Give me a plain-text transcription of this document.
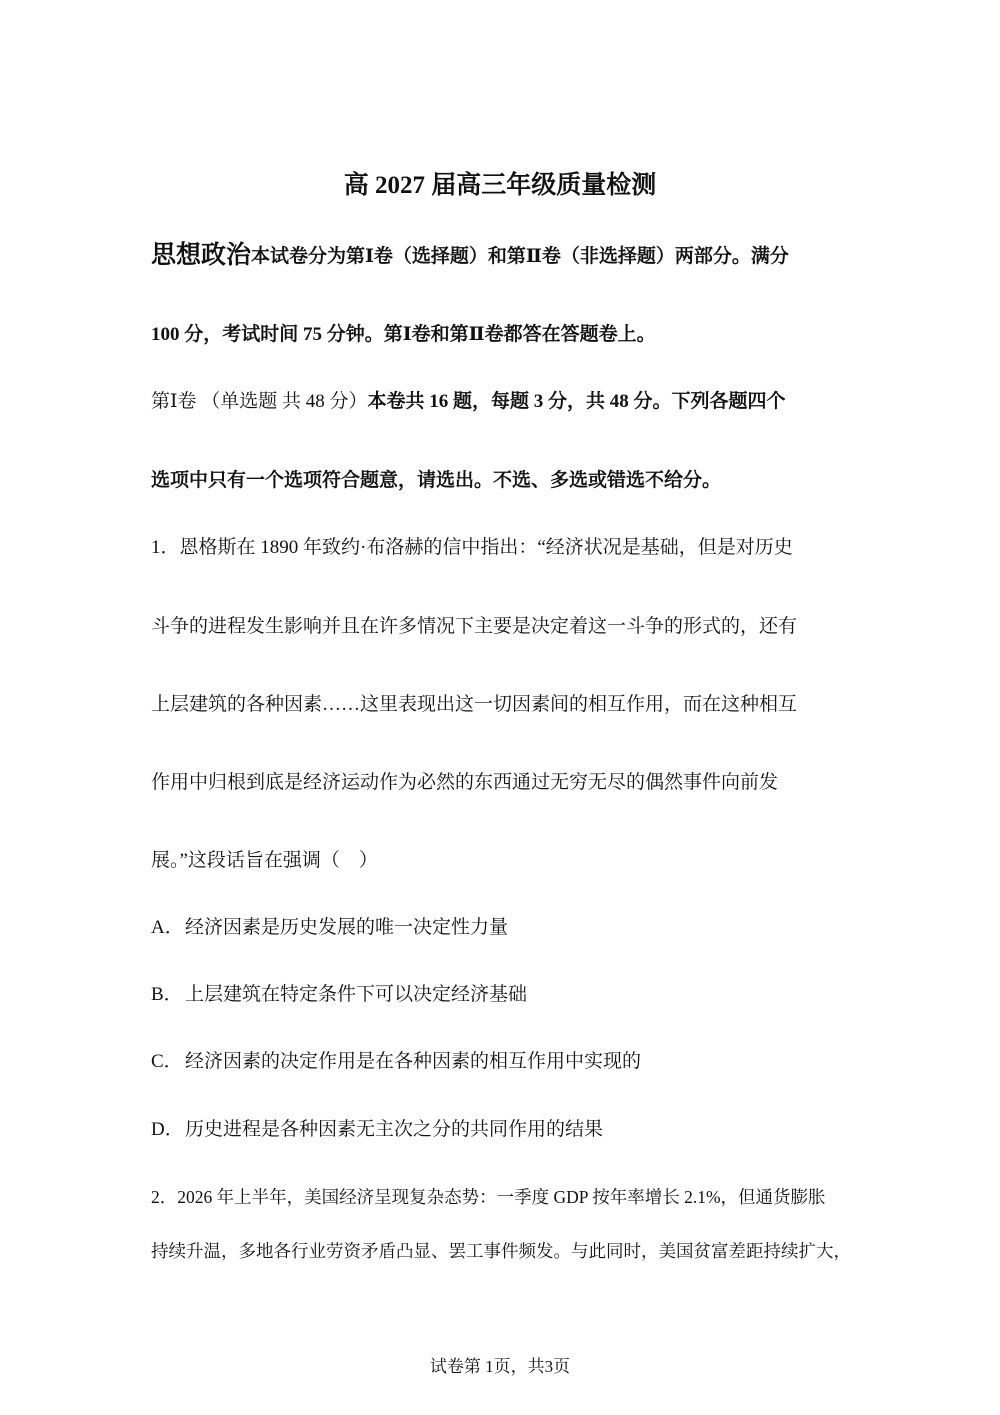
高 2027 届高三年级质量检测
思想政治本试卷分为第Ⅰ卷（选择题）和第Ⅱ卷（非选择题）两部分。满分
100 分，考试时间 75 分钟。第Ⅰ卷和第Ⅱ卷都答在答题卷上。
第Ⅰ卷 （单选题 共 48 分）本卷共 16 题，每题 3 分，共 48 分。下列各题四个
选项中只有一个选项符合题意，请选出。不选、多选或错选不给分。
1．恩格斯在 1890 年致约·布洛赫的信中指出：“经济状况是基础，但是对历史
斗争的进程发生影响并且在许多情况下主要是决定着这一斗争的形式的，还有
上层建筑的各种因素……这里表现出这一切因素间的相互作用，而在这种相互
作用中归根到底是经济运动作为必然的东西通过无穷无尽的偶然事件向前发
展。”这段话旨在强调（　）
A．经济因素是历史发展的唯一决定性力量
B． 上层建筑在特定条件下可以决定经济基础
C． 经济因素的决定作用是在各种因素的相互作用中实现的
D．历史进程是各种因素无主次之分的共同作用的结果
2．2026 年上半年，美国经济呈现复杂态势：一季度 GDP 按年率增长 2.1%，但通货膨胀
持续升温，多地各行业劳资矛盾凸显、罢工事件频发。与此同时，美国贫富差距持续扩大，
试卷第 1页，共3页
